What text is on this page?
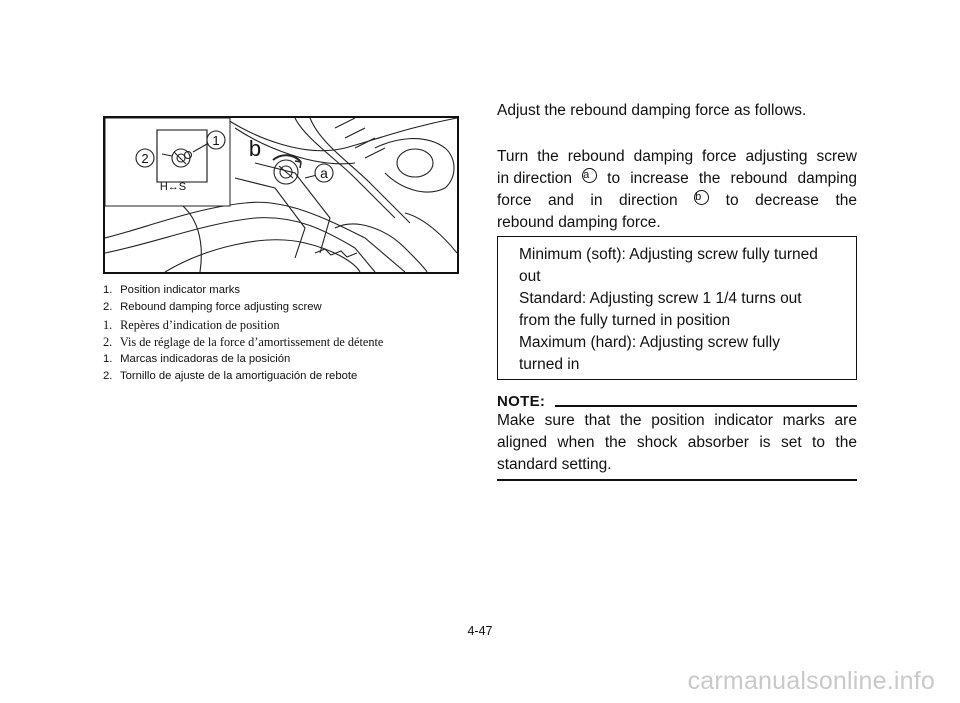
1
2	b
a
H↔S
1. Position indicator marks
2. Rebound damping force adjusting screw
1. Repères d’indication de position
2. Vis de réglage de la force d’amortissement de détente
1. Marcas indicadoras de la posición
2. Tornillo de ajuste de la amortiguación de rebote
Adjust the rebound damping force as follows.
Turn the rebound damping force adjusting screw
in direction a	to increase the rebound damping
force and in direction b	to decrease the
rebound damping force.
Minimum (soft): Adjusting screw fully turned
out
Standard: Adjusting screw 1 1/4 turns out
from the fully turned in position
Maximum (hard): Adjusting screw fully
turned in
NOTE:
Make sure that the position indicator marks are
aligned when the shock absorber is set to the
standard setting.
4-47
carmanualsonline.info
